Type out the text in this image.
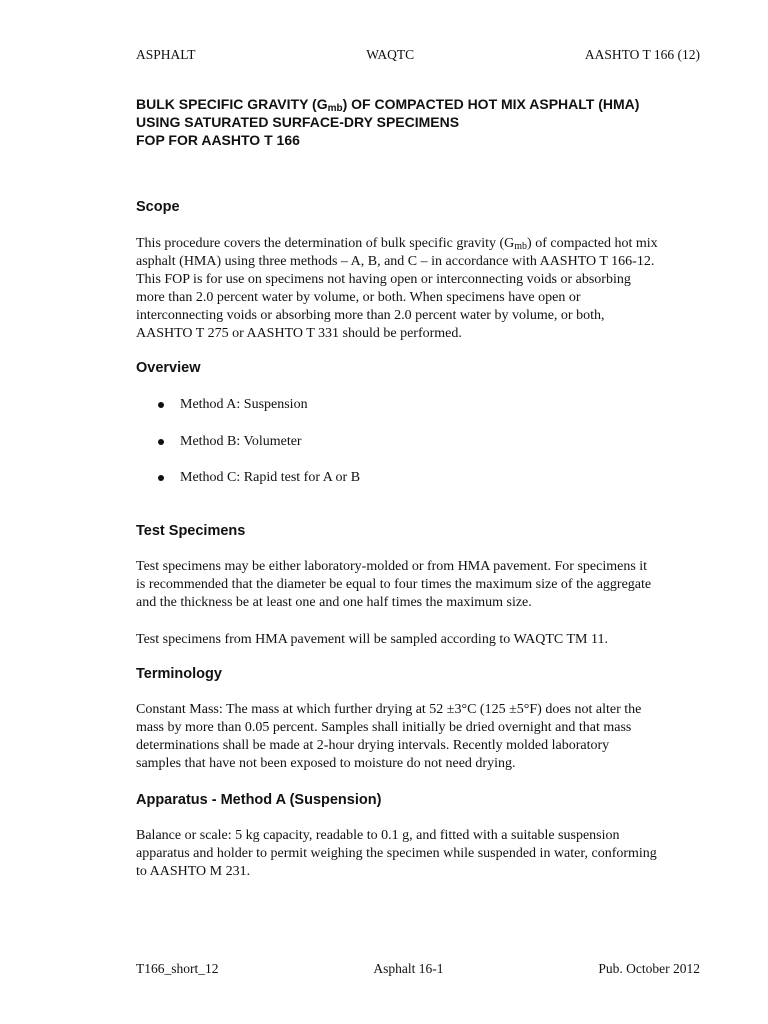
ASPHALT	WAQTC	AASHTO T 166 (12)
BULK SPECIFIC GRAVITY $(G_{mb})$ OF COMPACTED HOT MIX ASPHALT (HMA)
USING SATURATED SURFACE-DRY SPECIMENS
FOP FOR AASHTO T 166
Scope
This procedure covers the determination of bulk specific gravity $(G_{mb})$ of compacted hot mix
asphalt (HMA) using three methods – A, B, and C – in accordance with AASHTO T 166-12.
This FOP is for use on specimens not having open or interconnecting voids or absorbing
more than 2.0 percent water by volume, or both. When specimens have open or
interconnecting voids or absorbing more than 2.0 percent water by volume, or both,
AASHTO T 275 or AASHTO T 331 should be performed.
Overview
Method A: Suspension
Method B: Volumeter
Method C: Rapid test for A or B
Test Specimens
Test specimens may be either laboratory-molded or from HMA pavement. For specimens it
is recommended that the diameter be equal to four times the maximum size of the aggregate
and the thickness be at least one and one half times the maximum size.
Test specimens from HMA pavement will be sampled according to WAQTC TM 11.
Terminology
Constant Mass: The mass at which further drying at 52 ±3°C (125 ±5°F) does not alter the
mass by more than 0.05 percent. Samples shall initially be dried overnight and that mass
determinations shall be made at 2-hour drying intervals. Recently molded laboratory
samples that have not been exposed to moisture do not need drying.
Apparatus - Method A (Suspension)
Balance or scale: 5 kg capacity, readable to 0.1 g, and fitted with a suitable suspension
apparatus and holder to permit weighing the specimen while suspended in water, conforming
to AASHTO M 231.
T166_short_12	Asphalt 16-1	Pub. October 2012
